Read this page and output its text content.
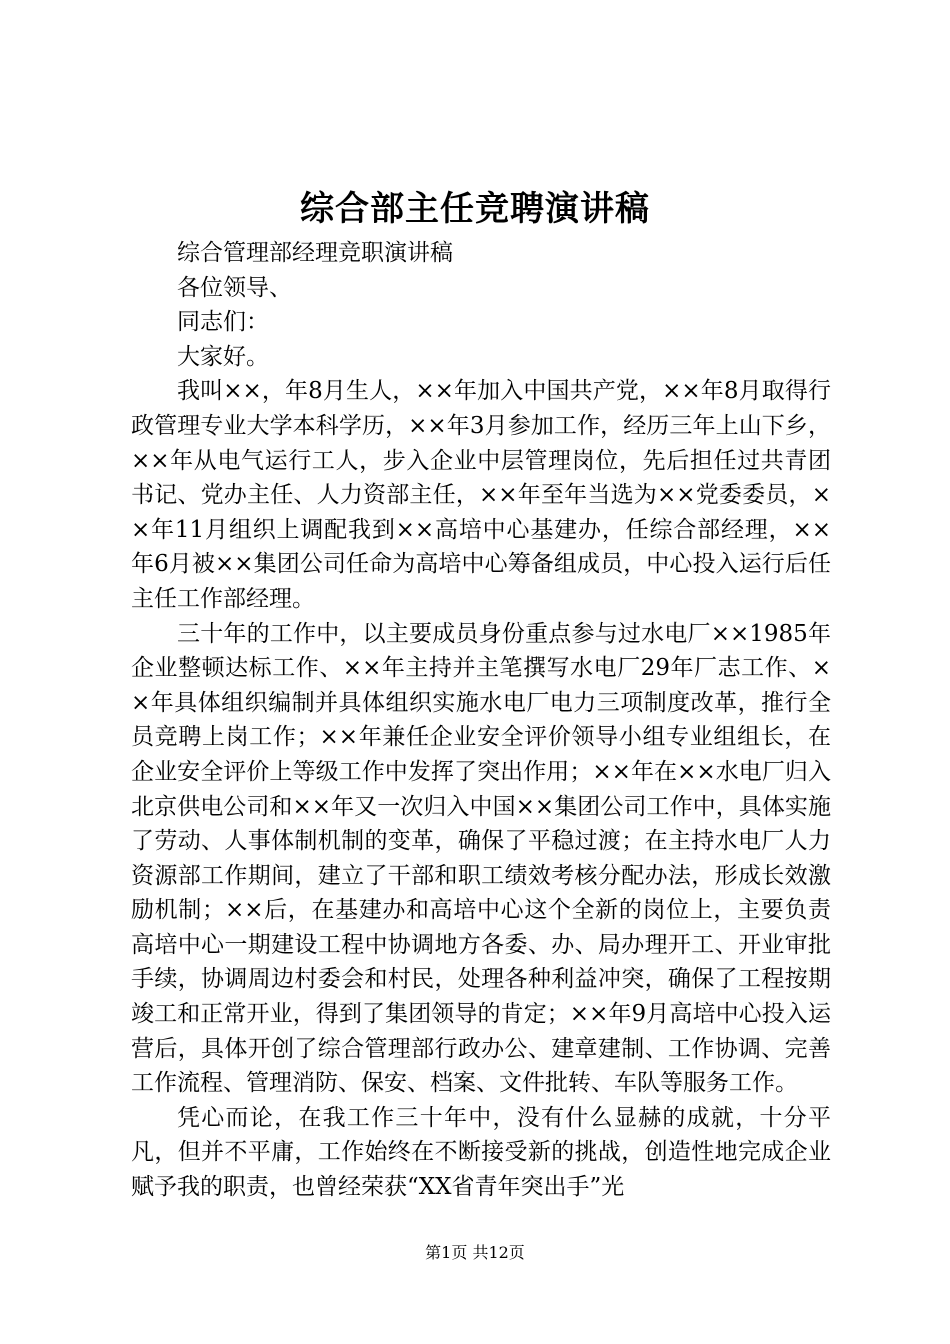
综合部主任竞聘演讲稿

综合管理部经理竞职演讲稿

各位领导、

同志们：

大家好。

我叫××，年8月生人，××年加入中国共产党，××年8月取得行政管理专业大学本科学历，××年3月参加工作，经历三年上山下乡，××年从电气运行工人，步入企业中层管理岗位，先后担任过共青团书记、党办主任、人力资部主任，××年至年当选为××党委委员，××年11月组织上调配我到××高培中心基建办，任综合部经理，××年6月被××集团公司任命为高培中心筹备组成员，中心投入运行后任主任工作部经理。

三十年的工作中，以主要成员身份重点参与过水电厂××1985年企业整顿达标工作、××年主持并主笔撰写水电厂29年厂志工作、××年具体组织编制并具体组织实施水电厂电力三项制度改革，推行全员竞聘上岗工作；××年兼任企业安全评价领导小组专业组组长，在企业安全评价上等级工作中发挥了突出作用；××年在××水电厂归入北京供电公司和××年又一次归入中国××集团公司工作中，具体实施了劳动、人事体制机制的变革，确保了平稳过渡；在主持水电厂人力资源部工作期间，建立了干部和职工绩效考核分配办法，形成长效激励机制；××后，在基建办和高培中心这个全新的岗位上，主要负责高培中心一期建设工程中协调地方各委、办、局办理开工、开业审批手续，协调周边村委会和村民，处理各种利益冲突，确保了工程按期竣工和正常开业，得到了集团领导的肯定；××年9月高培中心投入运营后，具体开创了综合管理部行政办公、建章建制、工作协调、完善工作流程、管理消防、保安、档案、文件批转、车队等服务工作。

凭心而论，在我工作三十年中，没有什么显赫的成就，十分平凡，但并不平庸，工作始终在不断接受新的挑战，创造性地完成企业赋予我的职责，也曾经荣获“XX省青年突出手”光

第1页 共12页
